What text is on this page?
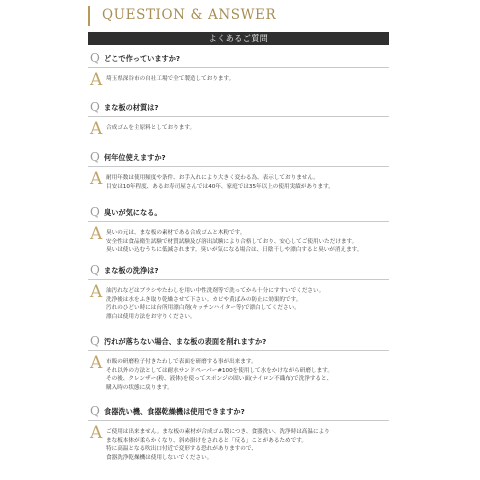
QUESTION & ANSWER
よくあるご質問
Q どこで作っていますか?
A 埼玉県深谷市の自社工場で全て製造しております。
Q まな板の材質は?
A 合成ゴムを主原料としております。
Q 何年位使えますか?
A 耐用年数は使用頻度や条件、お手入れにより大きく変わる為、表示しておりません。
目安は10年程度、あるお寿司屋さんでは40年、家庭では35年以上の使用実績があります。
Q 臭いが気になる。
A 臭いの元は、まな板の素材である合成ゴムと木粉です。
安全性は食品衛生試験で材質試験及び溶出試験により合格しており、安心してご使用いただけます。
臭いは使い込むうちに低減されます。臭いが気になる場合は、日陰干しや漂白すると臭いが消えます。
Q まな板の洗浄は?
A 油汚れなどはブラシやたわしを用い中性洗剤等で洗ってから十分にすすいでください。
洗浄後は水をふき取り乾燥させて下さい。カビや黄ばみの防止に効果的です。
汚れのひどい時には台所用漂白剤(キッチンハイター等)で漂白してください。
漂白は使用方法をお守りください。
Q 汚れが落ちない場合、まな板の表面を削れますか?
A 市販の研磨粒子付きたわしで表面を研磨する事が出来ます。
それ以外の方法としては耐水サンドペーパー#100を使用して水をかけながら研磨します。
その後、クレンザー(粉、液体)を使ってスポンジの固い面(ナイロン不織布)で洗浄すると、
購入時の状態に戻ります。
Q 食器洗い機、食器乾燥機は使用できますか?
A ご使用は出来ません。まな板の素材が合成ゴム製につき、食器洗い、洗浄時は高温により
まな板本体が柔らかくなり、斜め掛けをされると「反る」ことがあるためです。
特に高温となる吹出口付近で変形する恐れがありますので、
食器洗浄乾燥機は使用しないでください。
